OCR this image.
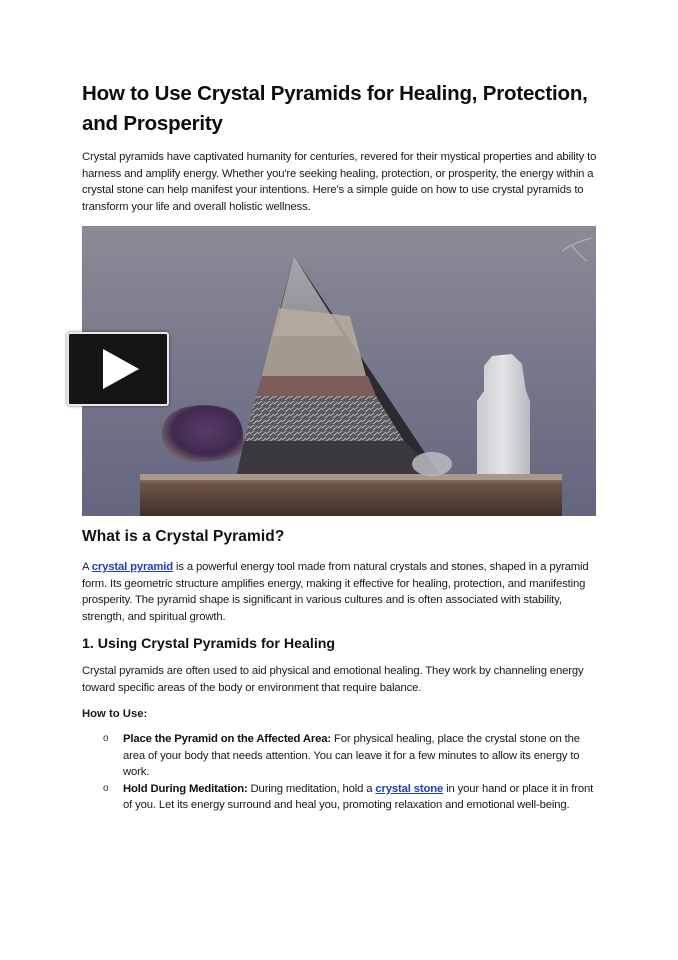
How to Use Crystal Pyramids for Healing, Protection, and Prosperity

Crystal pyramids have captivated humanity for centuries, revered for their mystical properties and ability to harness and amplify energy. Whether you're seeking healing, protection, or prosperity, the energy within a crystal stone can help manifest your intentions. Here's a simple guide on how to use crystal pyramids to transform your life and overall holistic wellness.

What is a Crystal Pyramid?

A crystal pyramid is a powerful energy tool made from natural crystals and stones, shaped in a pyramid form. Its geometric structure amplifies energy, making it effective for healing, protection, and manifesting prosperity. The pyramid shape is significant in various cultures and is often associated with stability, strength, and spiritual growth.

1. Using Crystal Pyramids for Healing

Crystal pyramids are often used to aid physical and emotional healing. They work by channeling energy toward specific areas of the body or environment that require balance.

How to Use:

o Place the Pyramid on the Affected Area: For physical healing, place the crystal stone on the area of your body that needs attention. You can leave it for a few minutes to allow its energy to work.
o Hold During Meditation: During meditation, hold a crystal stone in your hand or place it in front of you. Let its energy surround and heal you, promoting relaxation and emotional well-being.
